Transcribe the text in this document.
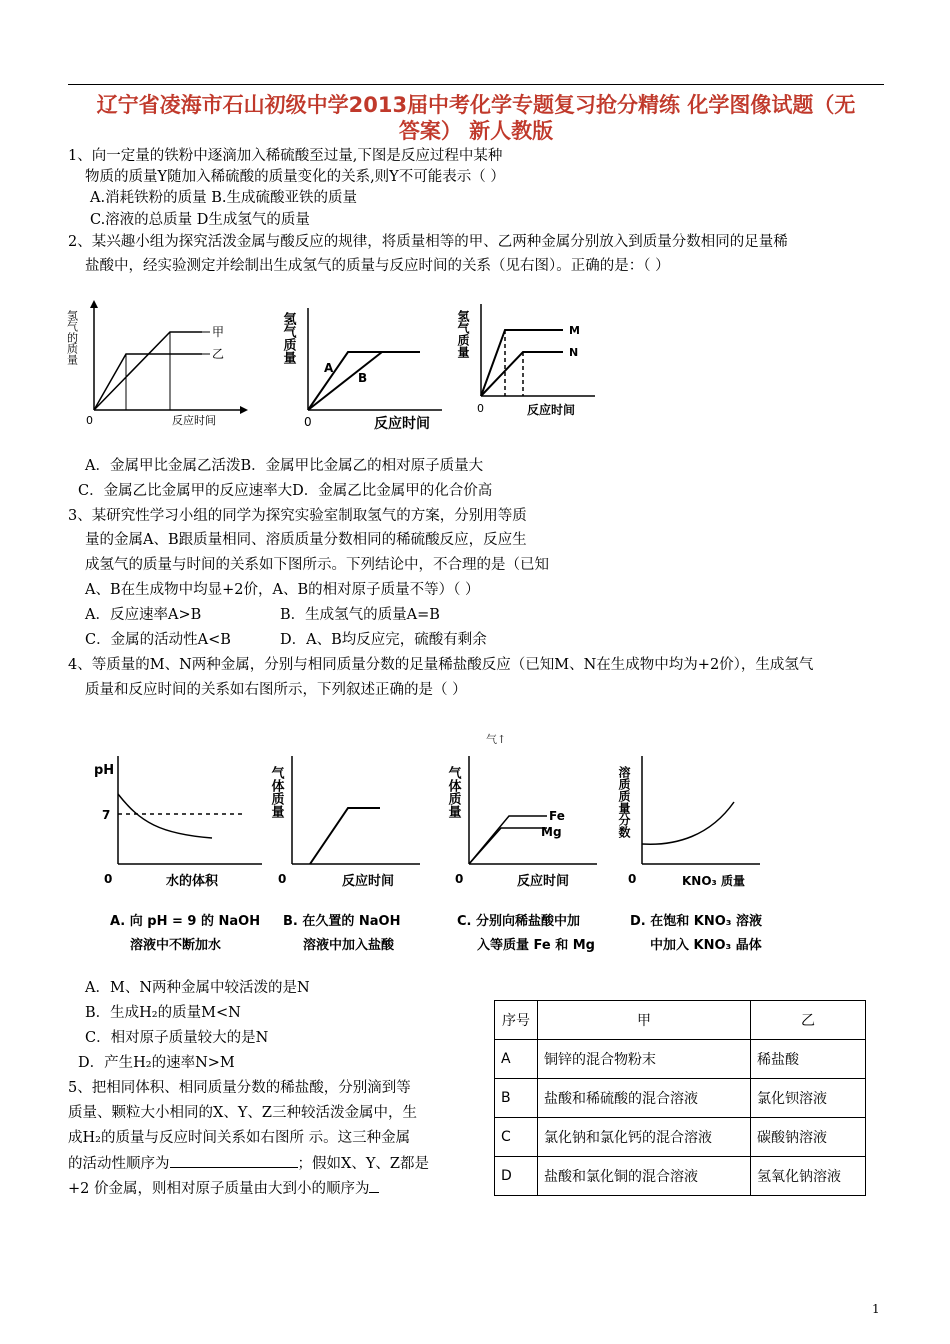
辽宁省凌海市石山初级中学2013届中考化学专题复习抢分精练 化学图像试题（无
答案） 新人教版
1、向一定量的铁粉中逐滴加入稀硫酸至过量,下图是反应过程中某种
物质的质量Y随加入稀硫酸的质量变化的关系,则Y不可能表示（ ）
A.消耗铁粉的质量 B.生成硫酸亚铁的质量
C.溶液的总质量 D生成氢气的质量
2、某兴趣小组为探究活泼金属与酸反应的规律，将质量相等的甲、乙两种金属分别放入到质量分数相同的足量稀
盐酸中，经实验测定并绘制出生成氢气的质量与反应时间的关系（见右图）。正确的是：（ ）
甲
乙
0	反应时间
氢气的质量
A
B
0	反应时间
氢气质量	M
N
0	反应时间
氢气质量
A．金属甲比金属乙活泼B．金属甲比金属乙的相对原子质量大
C．金属乙比金属甲的反应速率大D．金属乙比金属甲的化合价高
3、某研究性学习小组的同学为探究实验室制取氢气的方案，分别用等质
量的金属A、B跟质量相同、溶质质量分数相同的稀硫酸反应，反应生
成氢气的质量与时间的关系如下图所示。下列结论中，不合理的是（已知
A、B在生成物中均显+2价，A、B的相对原子质量不等）（ ）
A．反应速率A>B	B．生成氢气的质量A=B
C．金属的活动性A<B	D．A、B均反应完，硫酸有剩余
4、等质量的M、N两种金属，分别与相同质量分数的足量稀盐酸反应（已知M、N在生成物中均为+2价），生成氢气
质量和反应时间的关系如右图所示，下列叙述正确的是（ ）
气↑
pH
7
0	水的体积	0	反应时间
气体质量	Fe
Mg
0	反应时间
气体质量
0	KNO₃ 质量
溶质质量分数
A. 向 pH = 9 的 NaOH
溶液中不断加水
B. 在久置的 NaOH
溶液中加入盐酸
C. 分别向稀盐酸中加
入等质量 Fe 和 Mg
D. 在饱和 KNO₃ 溶液
中加入 KNO₃ 晶体
A．M、N两种金属中较活泼的是N
B．生成H₂的质量M<N
C．相对原子质量较大的是N
D．产生H₂的速率N>M
5、把相同体积、相同质量分数的稀盐酸，分别滴到等
质量、颗粒大小相同的X、Y、Z三种较活泼金属中，生
成H₂的质量与反应时间关系如右图所 示。这三种金属
的活动性顺序为	；假如X、Y、Z都是
+2 价金属，则相对原子质量由大到小的顺序为
序号	甲	乙
A	铜锌的混合物粉末	稀盐酸
B	盐酸和稀硫酸的混合溶液	氯化钡溶液
C	氯化钠和氯化钙的混合溶液	碳酸钠溶液
D	盐酸和氯化铜的混合溶液	氢氧化钠溶液
1
